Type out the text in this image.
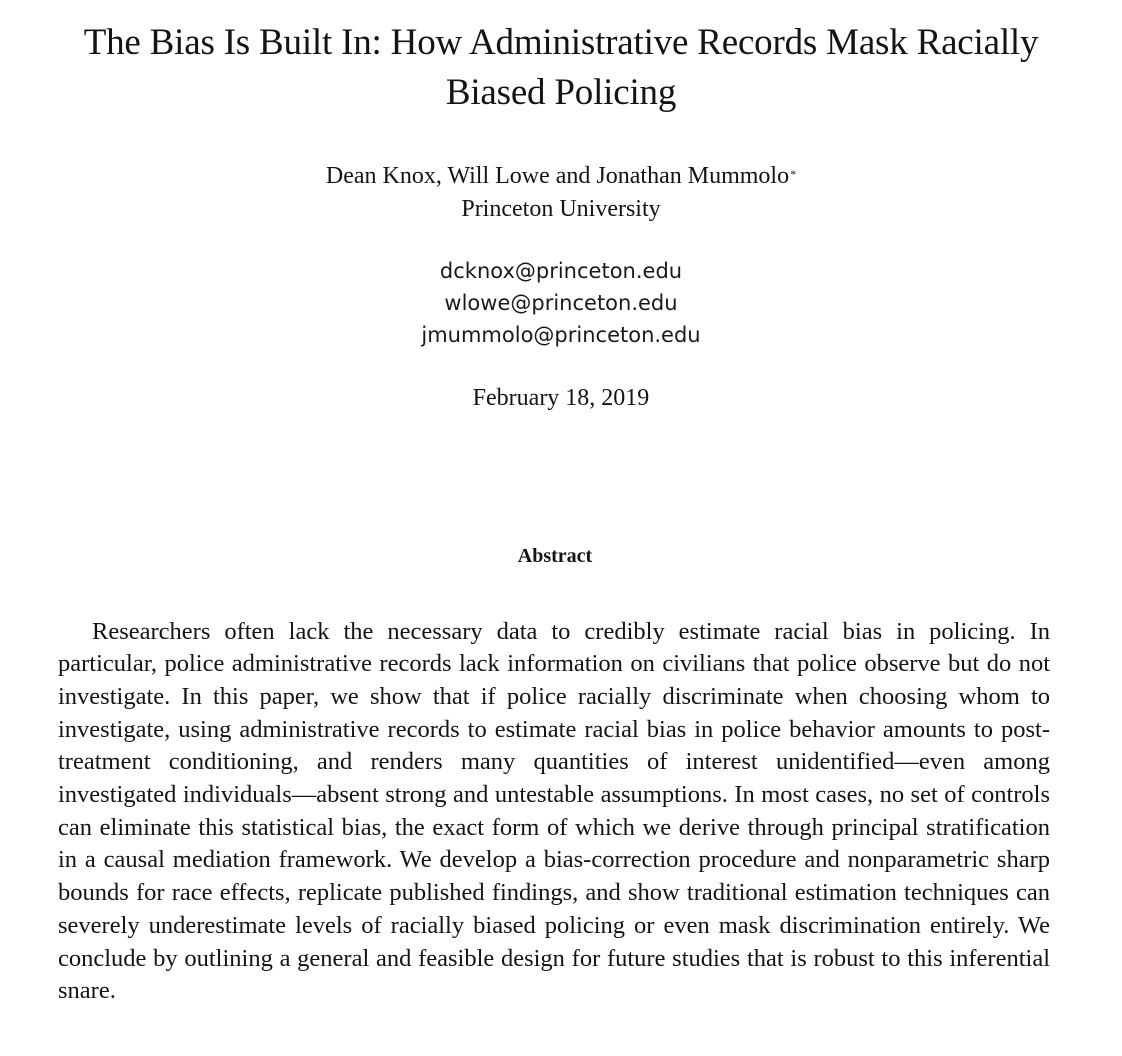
The Bias Is Built In: How Administrative Records Mask Racially
Biased Policing
Dean Knox, Will Lowe and Jonathan Mummolo*
Princeton University
dcknox@princeton.edu
wlowe@princeton.edu
jmummolo@princeton.edu
February 18, 2019
Abstract

Researchers often lack the necessary data to credibly estimate racial bias in policing. In particular, police administrative records lack information on civilians that police observe but do not investigate. In this paper, we show that if police racially discriminate when choosing whom to investigate, using administrative records to estimate racial bias in police behavior amounts to post-treatment conditioning, and renders many quantities of interest unidentified—even among investigated individuals—absent strong and untestable assumptions. In most cases, no set of controls can eliminate this statistical bias, the exact form of which we derive through principal stratification in a causal mediation framework. We develop a bias-correction procedure and nonparametric sharp bounds for race effects, replicate published findings, and show traditional estimation techniques can severely underestimate levels of racially biased policing or even mask discrimination entirely. We conclude by outlining a general and feasible design for future studies that is robust to this inferential snare.
